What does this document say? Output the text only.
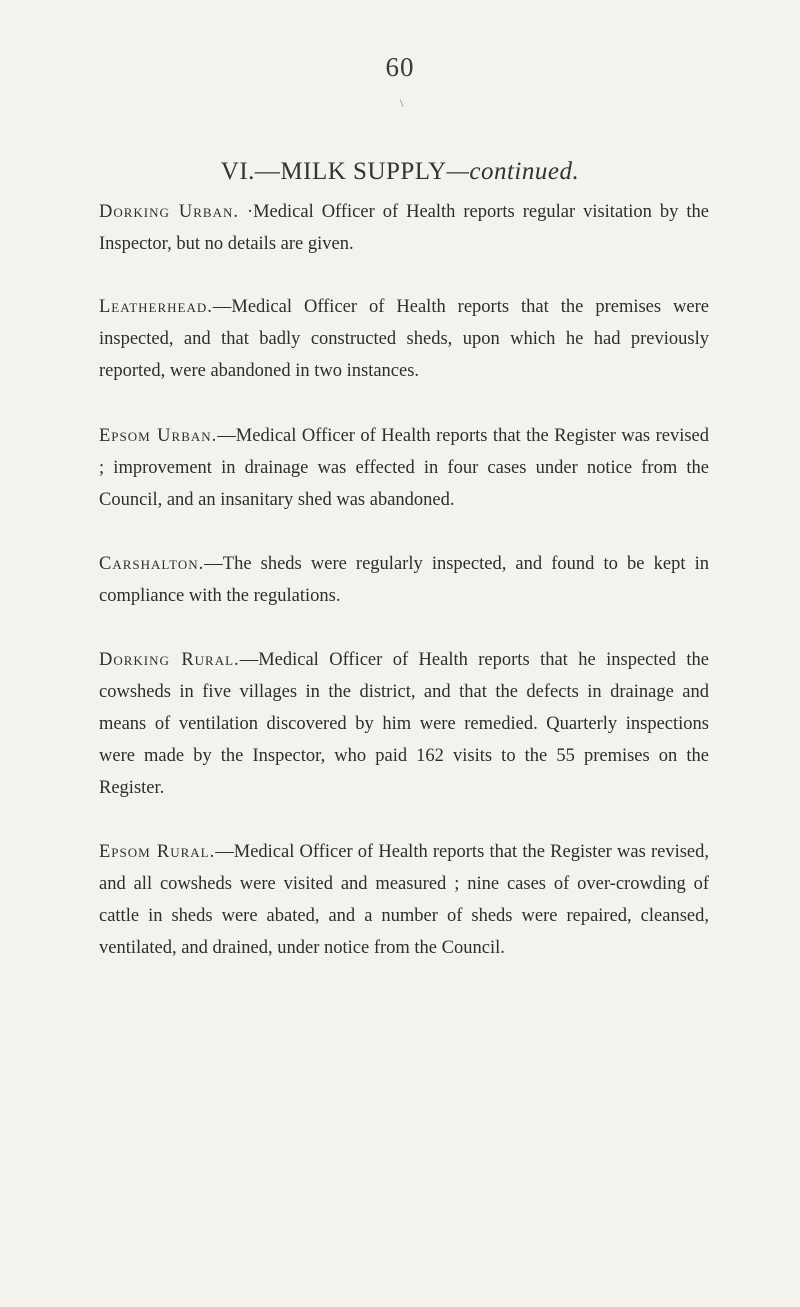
60
\
VI.—MILK SUPPLY—continued.

Dorking Urban. ·Medical Officer of Health reports regular visitation by the Inspector, but no details are given.

Leatherhead.—Medical Officer of Health reports that the premises were inspected, and that badly constructed sheds, upon which he had previously reported, were abandoned in two instances.

Epsom Urban.—Medical Officer of Health reports that the Register was revised ; improvement in drainage was effected in four cases under notice from the Council, and an insanitary shed was abandoned.

Carshalton.—The sheds were regularly inspected, and found to be kept in compliance with the regulations.

Dorking Rural.—Medical Officer of Health reports that he inspected the cowsheds in five villages in the district, and that the defects in drainage and means of ventilation discovered by him were remedied. Quarterly inspections were made by the Inspector, who paid 162 visits to the 55 premises on the Register.

Epsom Rural.—Medical Officer of Health reports that the Register was revised, and all cowsheds were visited and measured ; nine cases of over-crowding of cattle in sheds were abated, and a number of sheds were repaired, cleansed, ventilated, and drained, under notice from the Council.
